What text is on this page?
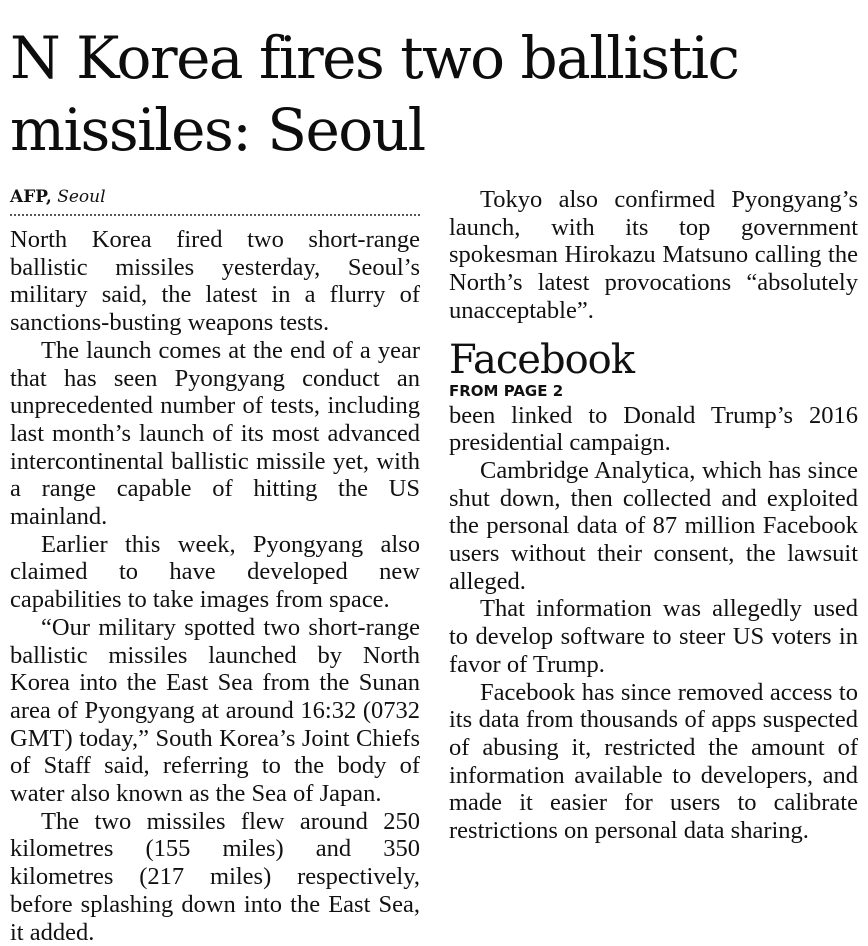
N Korea fires two ballistic missiles: Seoul
AFP, Seoul

North Korea fired two short-range ballistic missiles yesterday, Seoul’s military said, the latest in a flurry of sanctions-busting weapons tests.

The launch comes at the end of a year that has seen Pyongyang conduct an unprecedented number of tests, including last month’s launch of its most advanced intercontinental ballistic missile yet, with a range capable of hitting the US mainland.

Earlier this week, Pyongyang also claimed to have developed new capabilities to take images from space.

“Our military spotted two short-range ballistic missiles launched by North Korea into the East Sea from the Sunan area of Pyongyang at around 16:32 (0732 GMT) today,” South Korea’s Joint Chiefs of Staff said, referring to the body of water also known as the Sea of Japan.

The two missiles flew around 250 kilometres (155 miles) and 350 kilometres (217 miles) respectively, before splashing down into the East Sea, it added.

Tokyo also confirmed Pyongyang’s launch, with its top government spokesman Hirokazu Matsuno calling the North’s latest provocations “absolutely unacceptable”.

Facebook
FROM PAGE 2

been linked to Donald Trump’s 2016 presidential campaign.

Cambridge Analytica, which has since shut down, then collected and exploited the personal data of 87 million Facebook users without their consent, the lawsuit alleged.

That information was allegedly used to develop software to steer US voters in favor of Trump.

Facebook has since removed access to its data from thousands of apps suspected of abusing it, restricted the amount of information available to developers, and made it easier for users to calibrate restrictions on personal data sharing.
